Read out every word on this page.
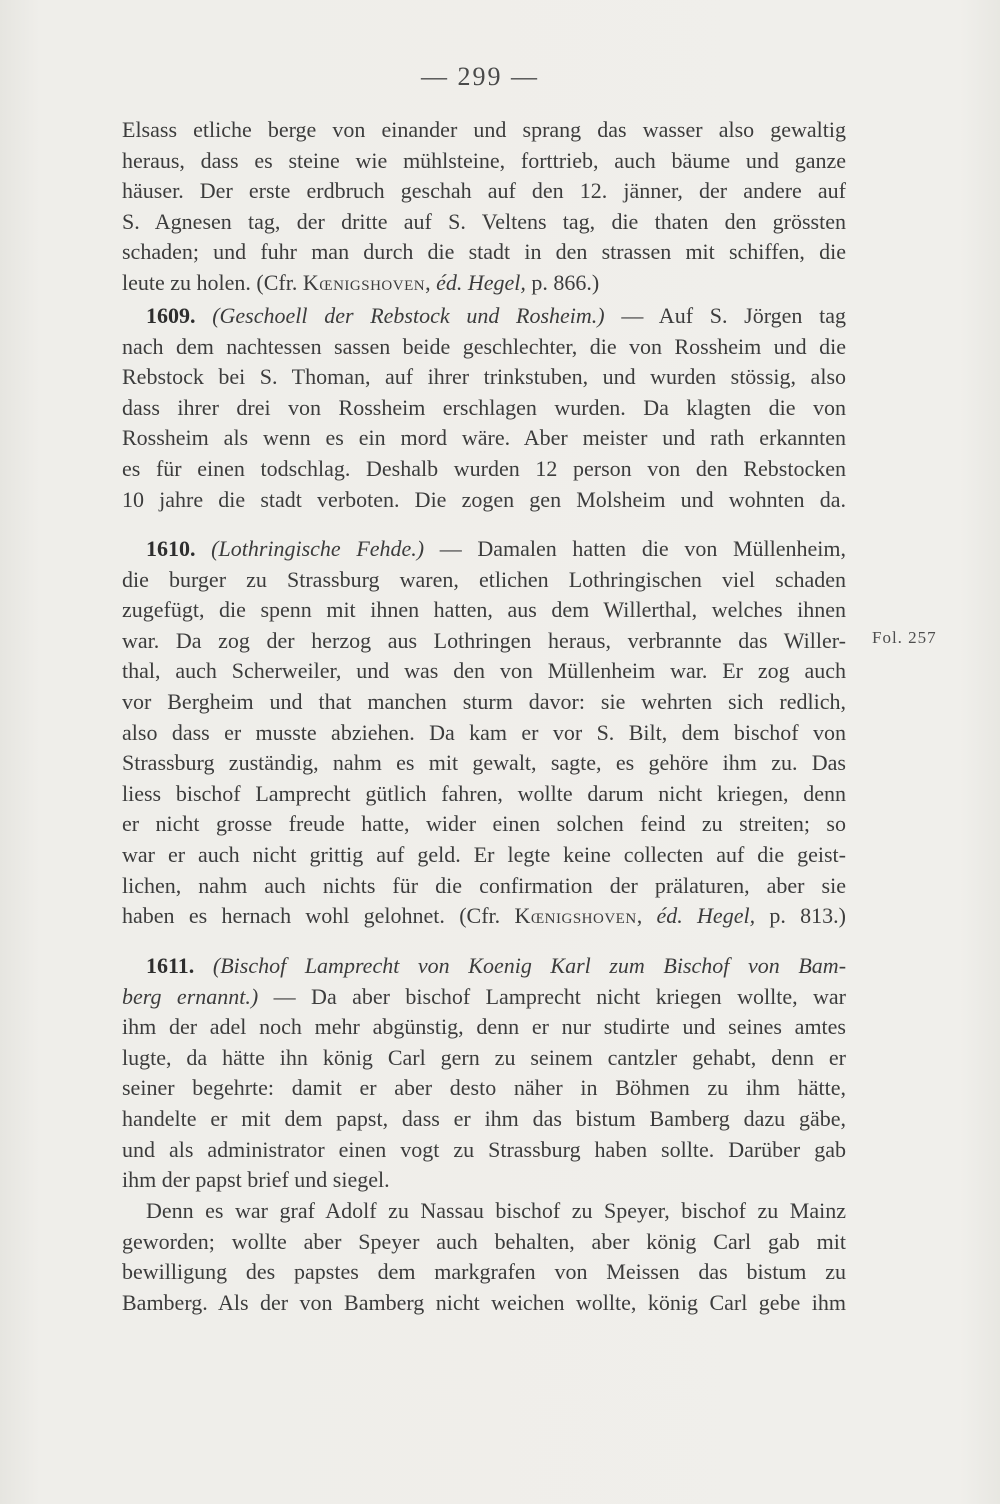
— 299 —
Fol. 257
Elsass etliche berge von einander und sprang das wasser also gewaltig
heraus, dass es steine wie mühlsteine, forttrieb, auch bäume und ganze
häuser. Der erste erdbruch geschah auf den 12. jänner, der andere auf
S. Agnesen tag, der dritte auf S. Veltens tag, die thaten den grössten
schaden; und fuhr man durch die stadt in den strassen mit schiffen, die
leute zu holen. (Cfr. Kœnigshoven, éd. Hegel, p. 866.)
1609. (Geschoell der Rebstock und Rosheim.) — Auf S. Jörgen tag
nach dem nachtessen sassen beide geschlechter, die von Rossheim und die
Rebstock bei S. Thoman, auf ihrer trinkstuben, und wurden stössig, also
dass ihrer drei von Rossheim erschlagen wurden. Da klagten die von
Rossheim als wenn es ein mord wäre. Aber meister und rath erkannten
es für einen todschlag. Deshalb wurden 12 person von den Rebstocken
10 jahre die stadt verboten. Die zogen gen Molsheim und wohnten da.
1610. (Lothringische Fehde.) — Damalen hatten die von Müllenheim,
die burger zu Strassburg waren, etlichen Lothringischen viel schaden
zugefügt, die spenn mit ihnen hatten, aus dem Willerthal, welches ihnen
war. Da zog der herzog aus Lothringen heraus, verbrannte das Willer-
thal, auch Scherweiler, und was den von Müllenheim war. Er zog auch
vor Bergheim und that manchen sturm davor: sie wehrten sich redlich,
also dass er musste abziehen. Da kam er vor S. Bilt, dem bischof von
Strassburg zuständig, nahm es mit gewalt, sagte, es gehöre ihm zu. Das
liess bischof Lamprecht gütlich fahren, wollte darum nicht kriegen, denn
er nicht grosse freude hatte, wider einen solchen feind zu streiten; so
war er auch nicht grittig auf geld. Er legte keine collecten auf die geist-
lichen, nahm auch nichts für die confirmation der prälaturen, aber sie
haben es hernach wohl gelohnet. (Cfr. Kœnigshoven, éd. Hegel, p. 813.)
1611. (Bischof Lamprecht von Koenig Karl zum Bischof von Bam-
berg ernannt.) — Da aber bischof Lamprecht nicht kriegen wollte, war
ihm der adel noch mehr abgünstig, denn er nur studirte und seines amtes
lugte, da hätte ihn könig Carl gern zu seinem cantzler gehabt, denn er
seiner begehrte: damit er aber desto näher in Böhmen zu ihm hätte,
handelte er mit dem papst, dass er ihm das bistum Bamberg dazu gäbe,
und als administrator einen vogt zu Strassburg haben sollte. Darüber gab
ihm der papst brief und siegel.
Denn es war graf Adolf zu Nassau bischof zu Speyer, bischof zu Mainz
geworden; wollte aber Speyer auch behalten, aber könig Carl gab mit
bewilligung des papstes dem markgrafen von Meissen das bistum zu
Bamberg. Als der von Bamberg nicht weichen wollte, könig Carl gebe ihm
